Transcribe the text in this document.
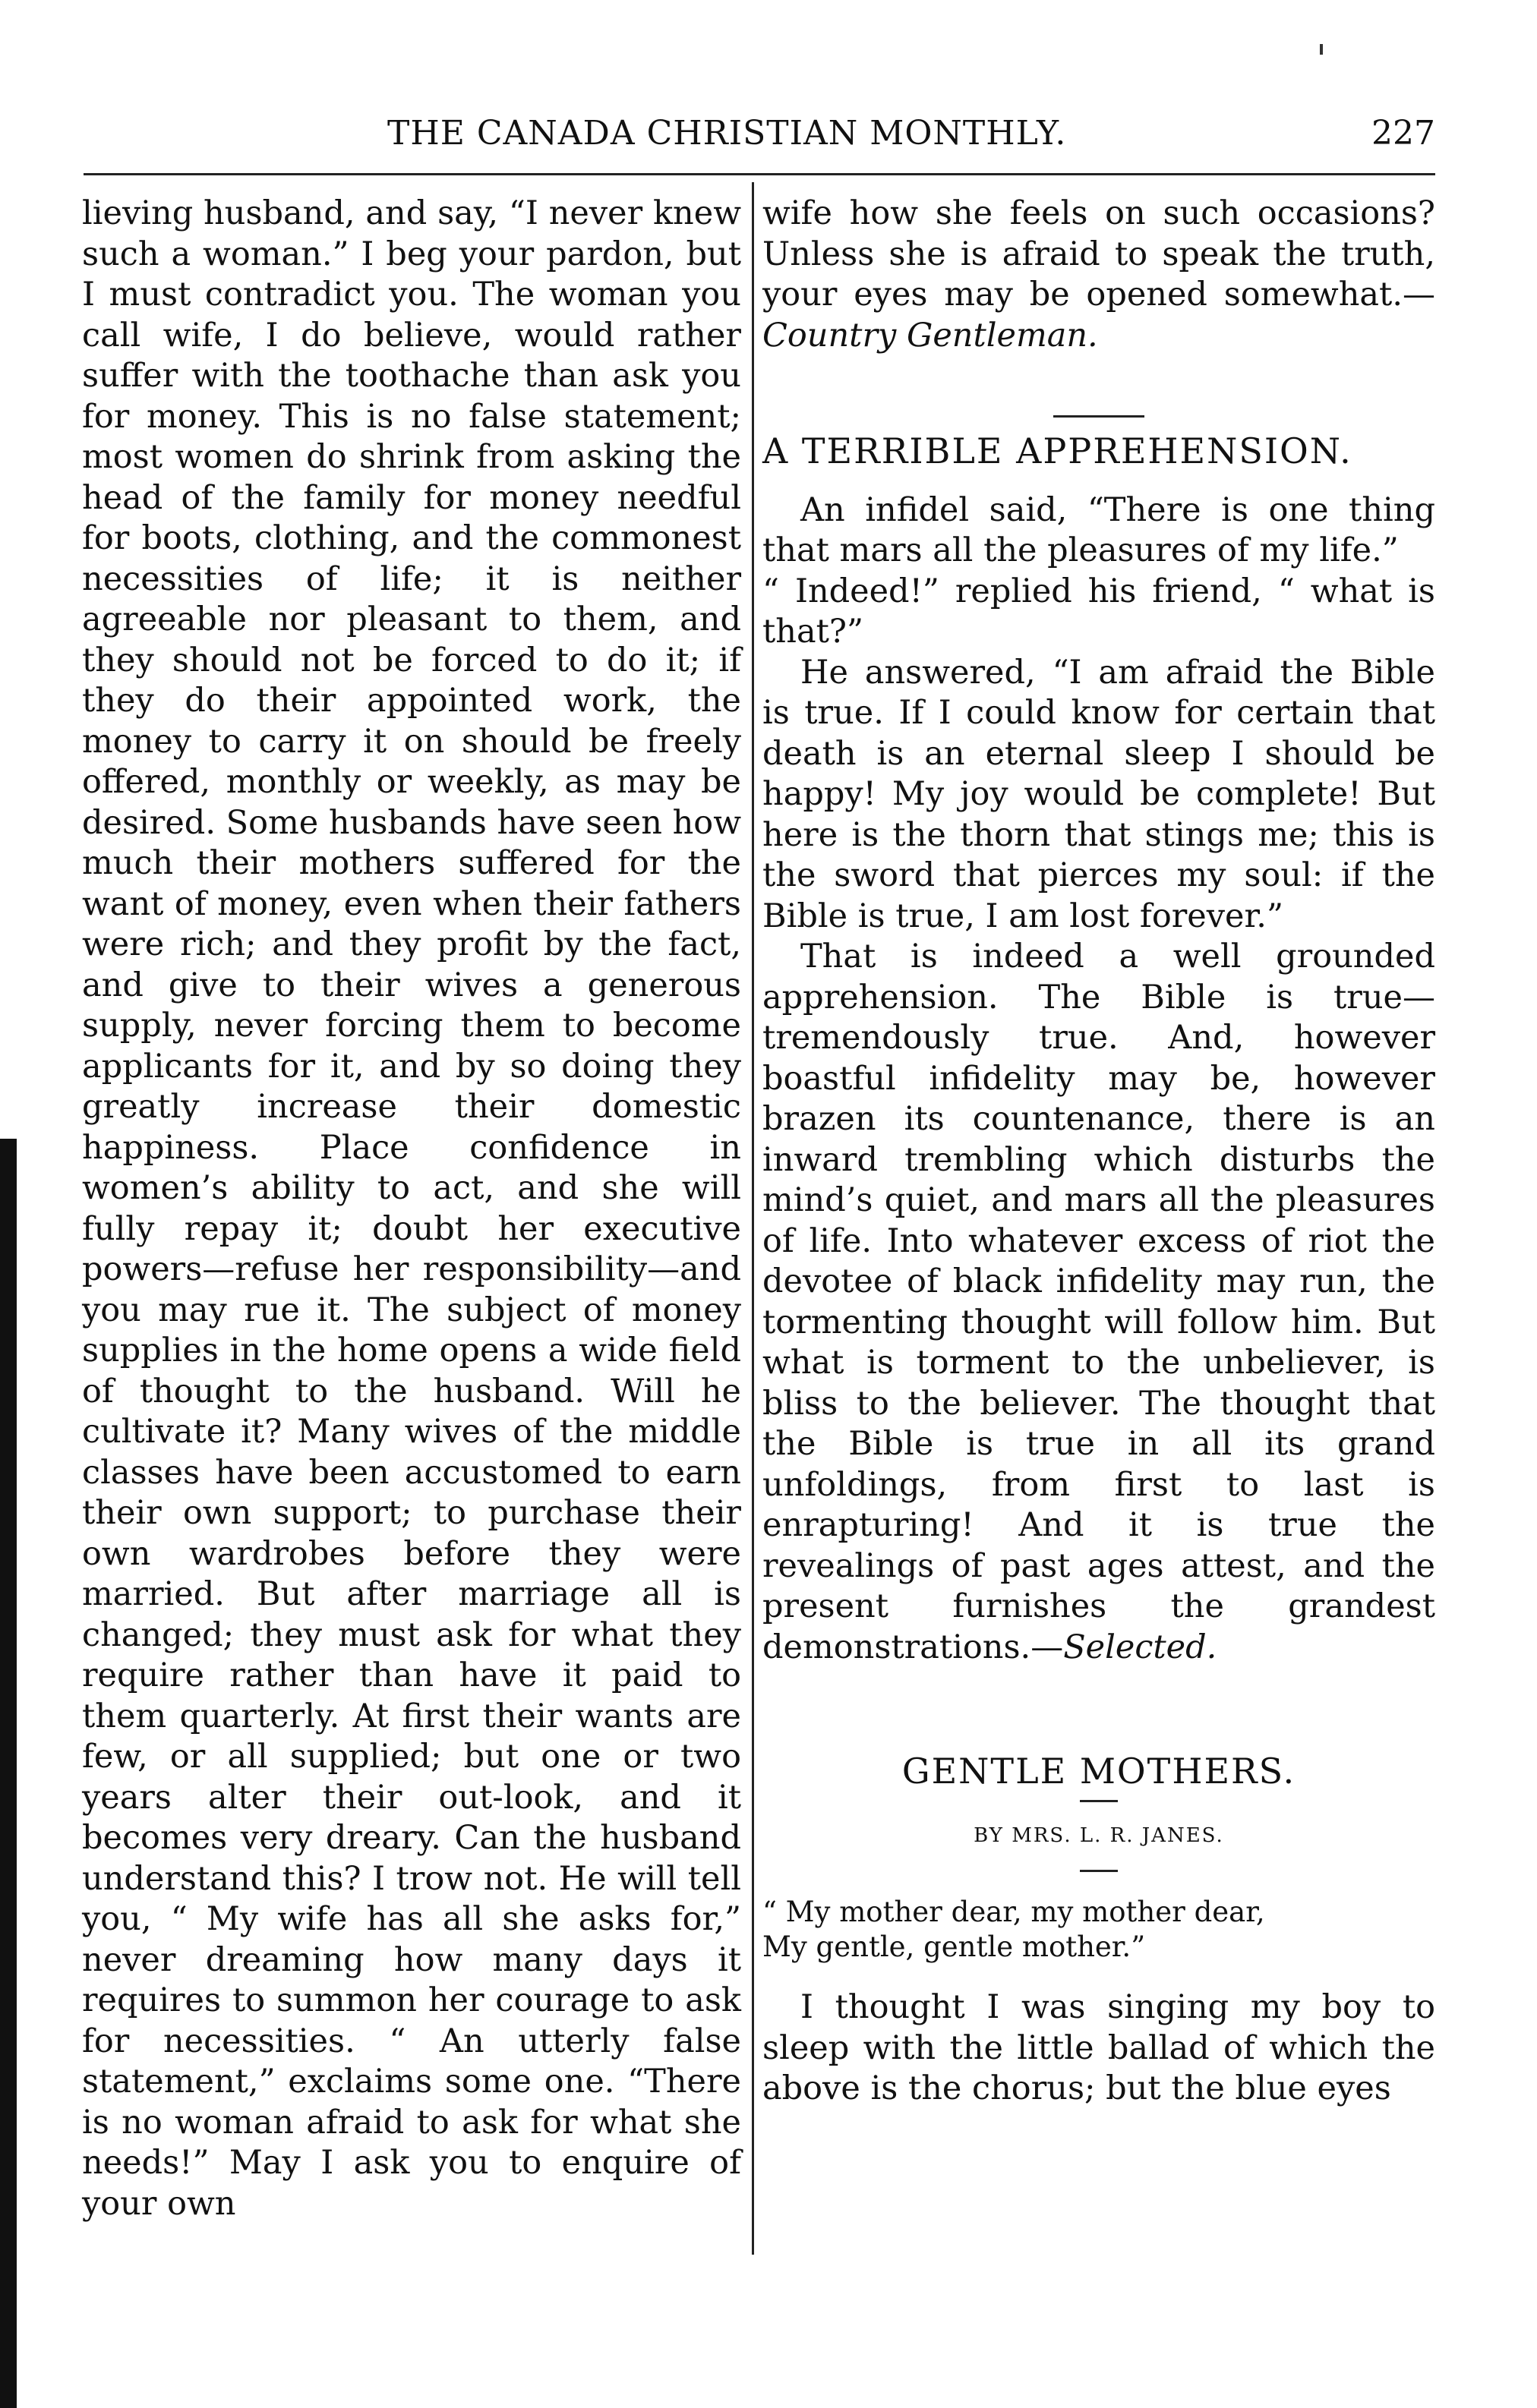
THE CANADA CHRISTIAN MONTHLY.	227

lieving husband, and say, “I never knew such a woman.” I beg your pardon, but I must contradict you. The woman you call wife, I do believe, would rather suffer with the toothache than ask you for money. This is no false statement; most women do shrink from asking the head of the family for money needful for boots, clothing, and the commonest necessities of life; it is neither agreeable nor pleasant to them, and they should not be forced to do it; if they do their appointed work, the money to carry it on should be freely offered, monthly or weekly, as may be desired. Some husbands have seen how much their mothers suffered for the want of money, even when their fathers were rich; and they profit by the fact, and give to their wives a generous supply, never forcing them to become applicants for it, and by so doing they greatly increase their domestic happiness. Place confidence in women’s ability to act, and she will fully repay it; doubt her executive powers—refuse her responsibility—and you may rue it. The subject of money supplies in the home opens a wide field of thought to the husband. Will he cultivate it? Many wives of the middle classes have been accustomed to earn their own support; to purchase their own wardrobes before they were married. But after marriage all is changed; they must ask for what they require rather than have it paid to them quarterly. At first their wants are few, or all supplied; but one or two years alter their out-look, and it becomes very dreary. Can the husband understand this? I trow not. He will tell you, “ My wife has all she asks for,” never dreaming how many days it requires to summon her courage to ask for necessities. “ An utterly false statement,” exclaims some one. “There is no woman afraid to ask for what she needs!” May I ask you to enquire of your own

wife how she feels on such occasions? Unless she is afraid to speak the truth, your eyes may be opened somewhat.—Country Gentleman.

A TERRIBLE APPREHENSION.

An infidel said, “There is one thing that mars all the pleasures of my life.”

“ Indeed!” replied his friend, “ what is that?”

He answered, “I am afraid the Bible is true. If I could know for certain that death is an eternal sleep I should be happy! My joy would be complete! But here is the thorn that stings me; this is the sword that pierces my soul: if the Bible is true, I am lost forever.”

That is indeed a well grounded apprehension. The Bible is true—tremendously true. And, however boastful infidelity may be, however brazen its countenance, there is an inward trembling which disturbs the mind’s quiet, and mars all the pleasures of life. Into whatever excess of riot the devotee of black infidelity may run, the tormenting thought will follow him. But what is torment to the unbeliever, is bliss to the believer. The thought that the Bible is true in all its grand unfoldings, from first to last is enrapturing! And it is true the revealings of past ages attest, and the present furnishes the grandest demonstrations.—Selected.

GENTLE MOTHERS.

BY MRS. L. R. JANES.

“ My mother dear, my mother dear,
My gentle, gentle mother.”

I thought I was singing my boy to sleep with the little ballad of which the above is the chorus; but the blue eyes
